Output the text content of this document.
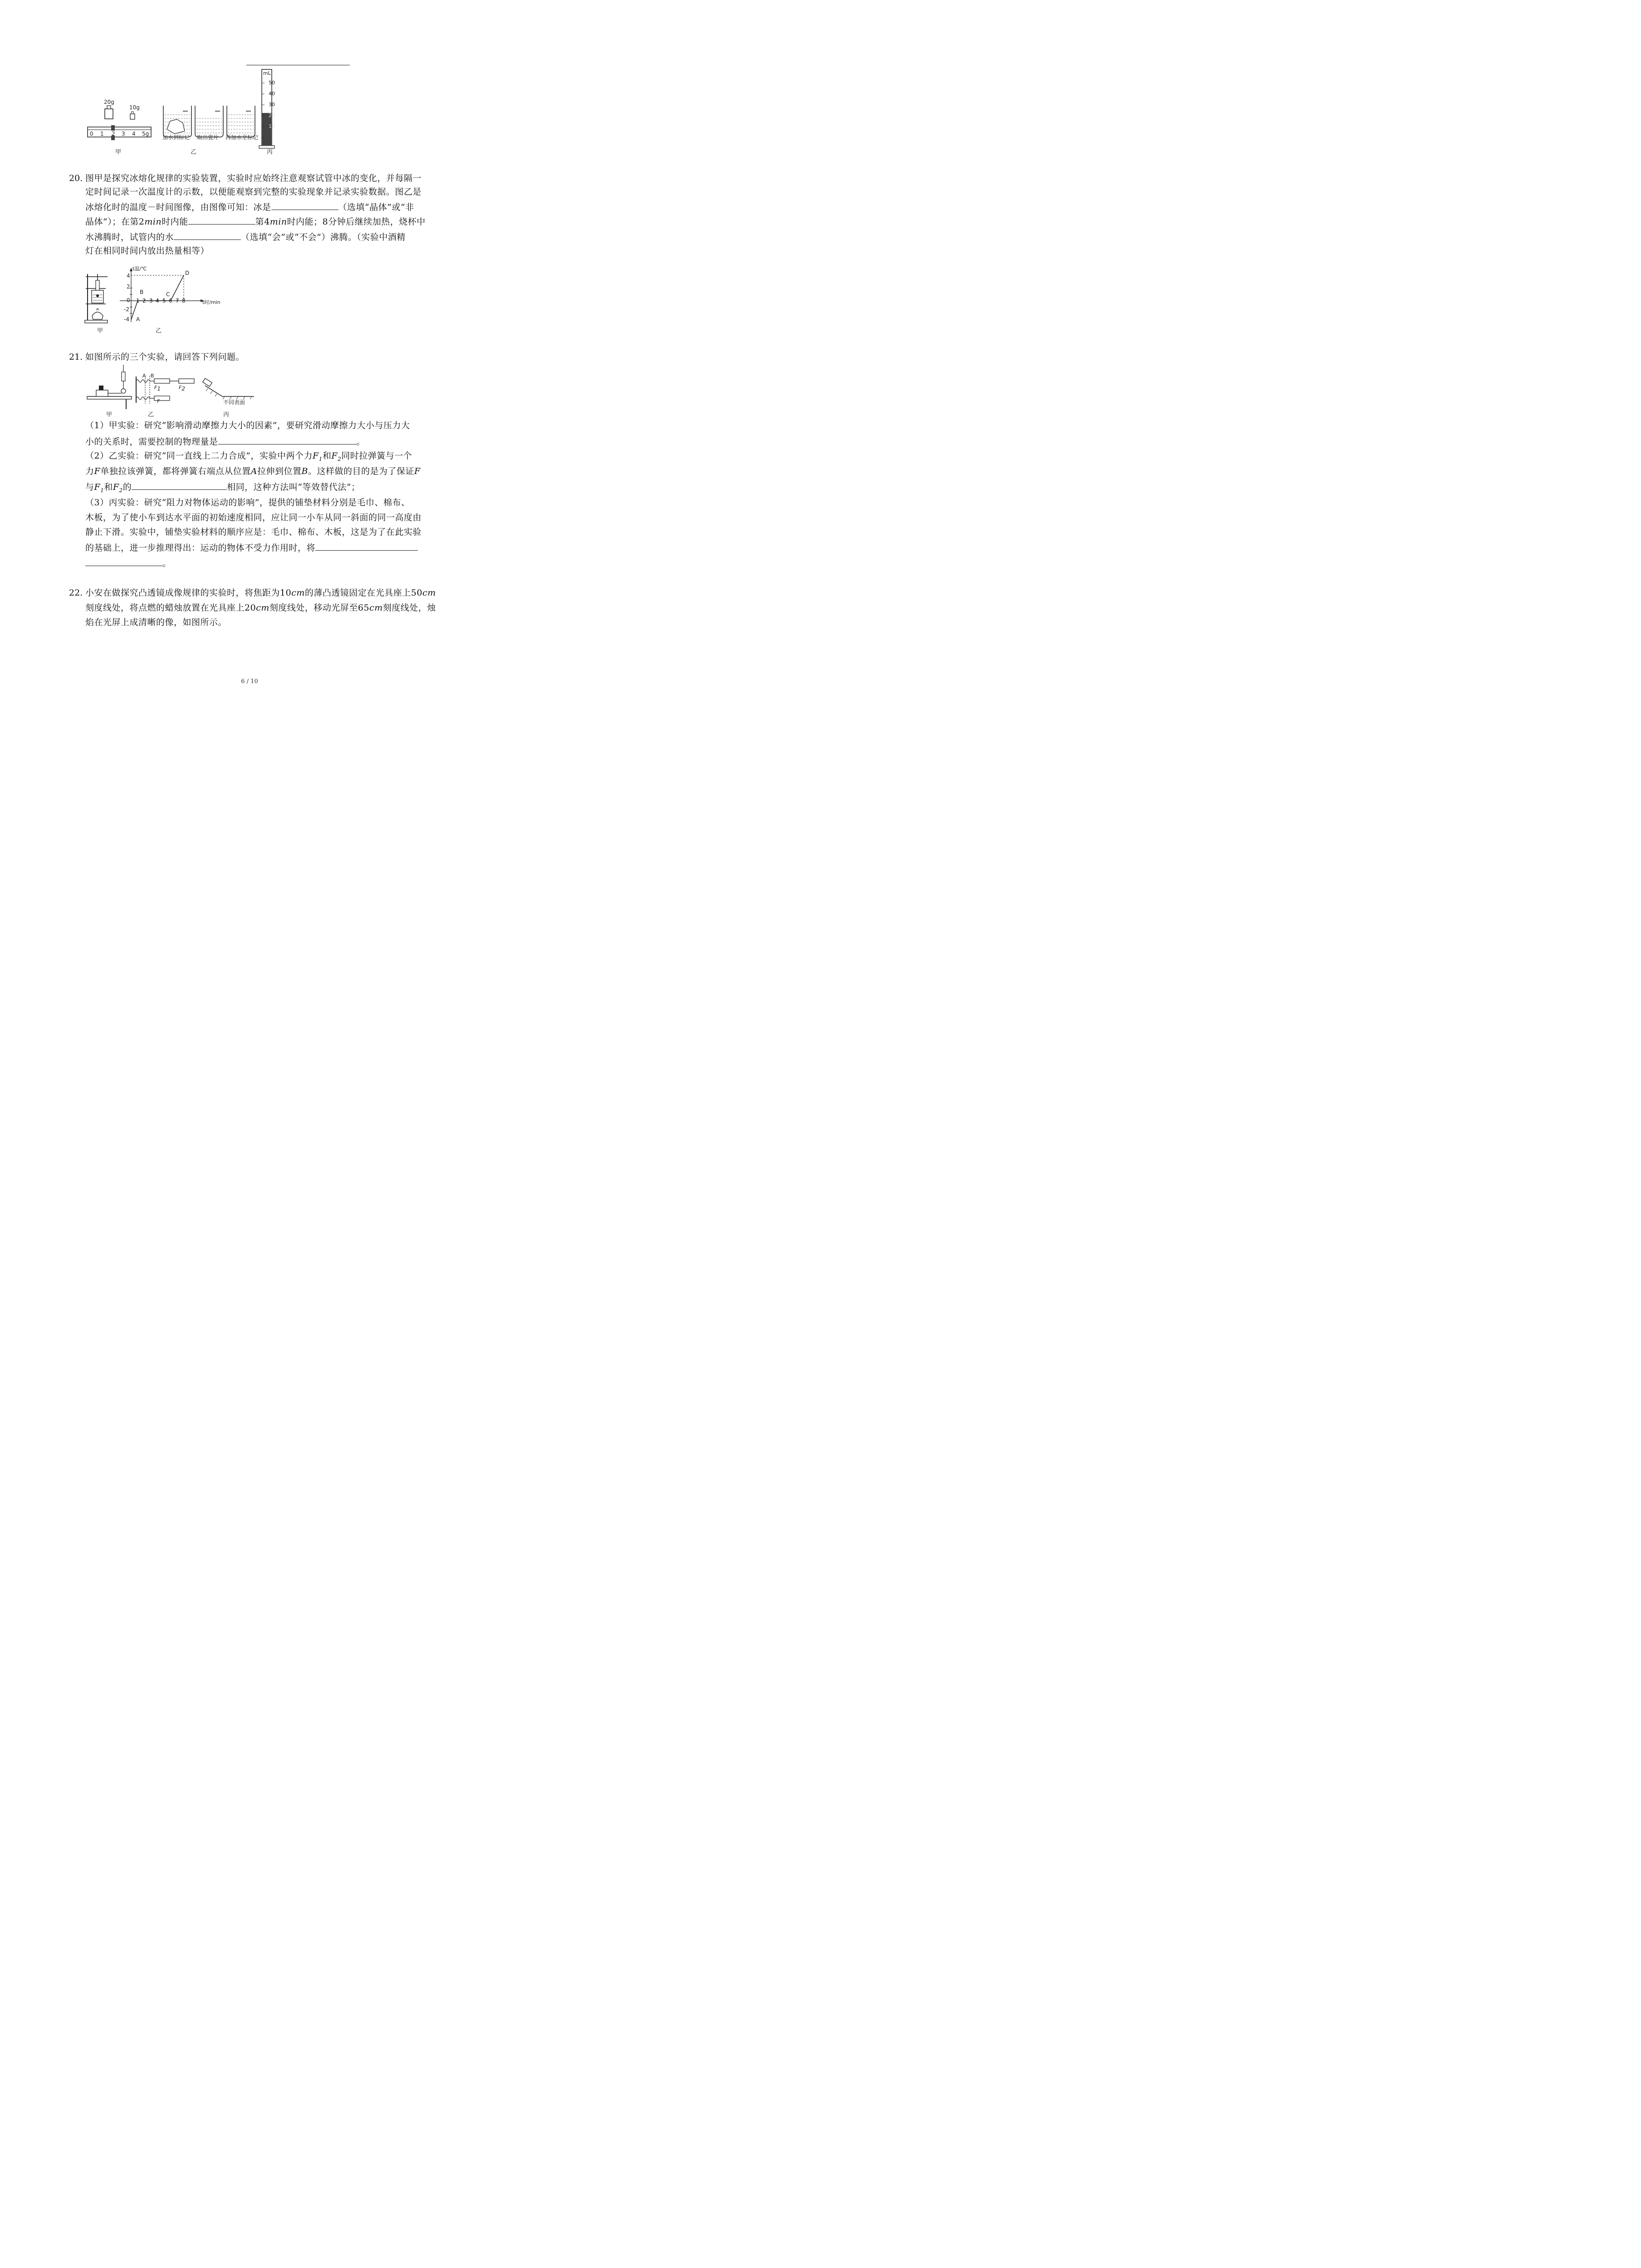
20g
10g
0 1 2 3 4 5g
加水到标记 取出瓷片 再加水至标记
mL
50
40
30
20
10
甲	乙	丙
20. 图甲是探究冰熔化规律的实验装置，实验时应始终注意观察试管中冰的变化，并每隔一
定时间记录一次温度计的示数，以便能观察到完整的实验现象并记录实验数据。图乙是
冰熔化时的温度－时间图像，由图像可知：冰是	（选填“晶体”或“非
晶体”）；在第2min时内能	第4min时内能；8分钟后继续加热，烧杯中
水沸腾时，试管内的水	（选填“会”或“不会”）沸腾。（实验中酒精
灯在相同时间内放出热量相等）
甲
t温/℃
t时/min
4
2
0
-2
-4
1 2 3 4 5 6 7 8
A
B	C
D
乙
21. 如图所示的三个实验，请回答下列问题。
A B
$F_1$	$F_2$
F	不同表面
甲	乙	丙
（1）甲实验：研究“影响滑动摩擦力大小的因素”，要研究滑动摩擦力大小与压力大
小的关系时，需要控制的物理量是	。
（2）乙实验：研究“同一直线上二力合成”，实验中两个力$F_1$和$F_2$同时拉弹簧与一个
力F单独拉该弹簧，都将弹簧右端点从位置A拉伸到位置B。这样做的目的是为了保证F
与$F_1$和$F_2$的	相同，这种方法叫“等效替代法”；
（3）丙实验：研究“阻力对物体运动的影响”，提供的铺垫材料分别是毛巾、棉布、
木板，为了使小车到达水平面的初始速度相同，应让同一小车从同一斜面的同一高度由
静止下滑。实验中，铺垫实验材料的顺序应是：毛巾、棉布、木板，这是为了在此实验
的基础上，进一步推理得出：运动的物体不受力作用时，将
。
22. 小安在做探究凸透镜成像规律的实验时，将焦距为10cm的薄凸透镜固定在光具座上50cm
刻度线处，将点燃的蜡烛放置在光具座上20cm刻度线处，移动光屏至65cm刻度线处，烛
焰在光屏上成清晰的像，如图所示。
6 / 10
